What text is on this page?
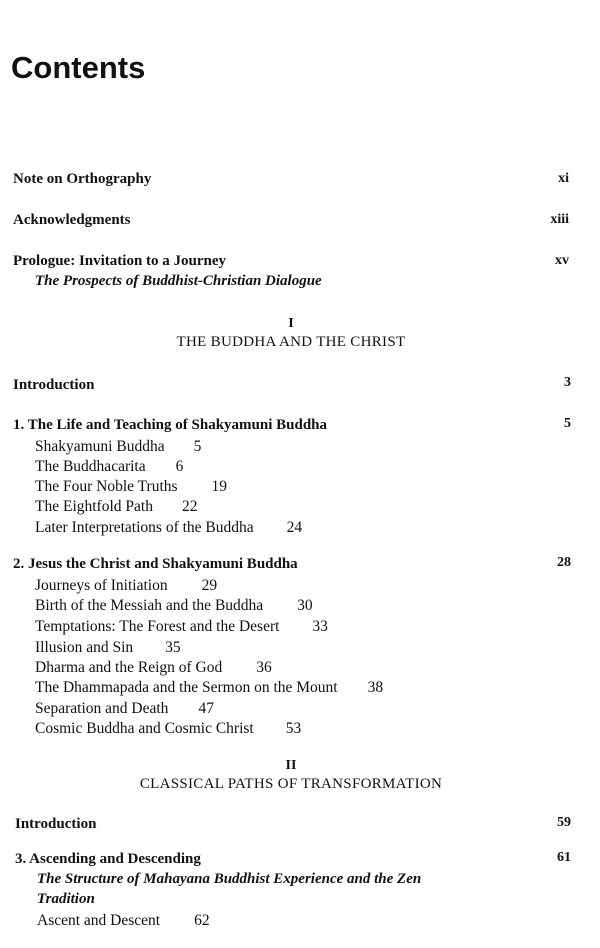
Contents
Note on Orthography	xi
Acknowledgments	xiii
Prologue: Invitation to a Journey	xv
The Prospects of Buddhist-Christian Dialogue
I
THE BUDDHA AND THE CHRIST
Introduction	3
1. The Life and Teaching of Shakyamuni Buddha	5
Shakyamuni Buddha 5
The Buddhacarita 6
The Four Noble Truths 19
The Eightfold Path 22
Later Interpretations of the Buddha 24
2. Jesus the Christ and Shakyamuni Buddha	28
Journeys of Initiation 29
Birth of the Messiah and the Buddha 30
Temptations: The Forest and the Desert 33
Illusion and Sin 35
Dharma and the Reign of God 36
The Dhammapada and the Sermon on the Mount 38
Separation and Death 47
Cosmic Buddha and Cosmic Christ 53
II
CLASSICAL PATHS OF TRANSFORMATION
Introduction	59
3. Ascending and Descending	61
The Structure of Mahayana Buddhist Experience and the Zen
Tradition
Ascent and Descent 62
